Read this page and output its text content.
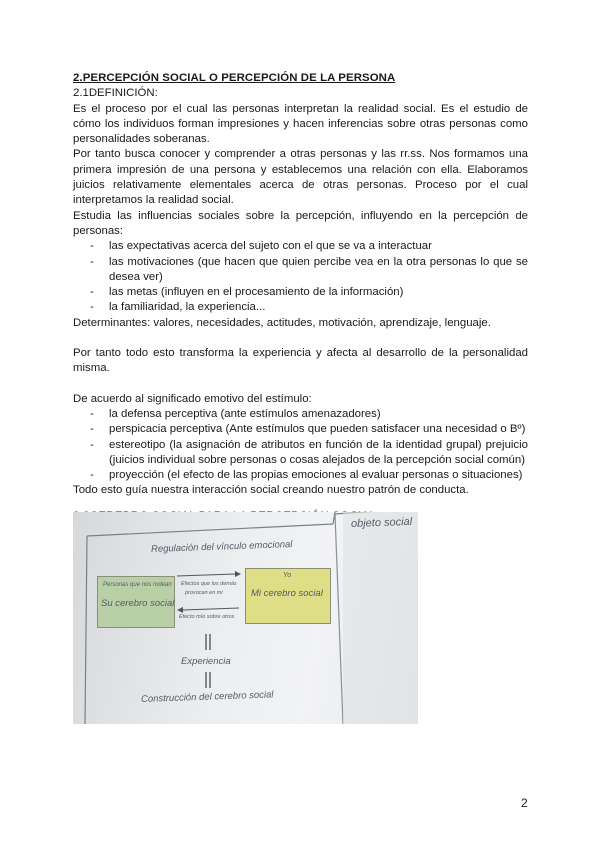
2.PERCEPCIÓN SOCIAL O PERCEPCIÓN DE LA PERSONA
2.1DEFINICIÓN:

Es el proceso por el cual las personas interpretan la realidad social. Es el estudio de cómo los individuos forman impresiones y hacen inferencias sobre otras personas como personalidades soberanas.

Por tanto busca conocer y comprender a otras personas y las rr.ss. Nos formamos una primera impresión de una persona y establecemos una relación con ella. Elaboramos juicios relativamente elementales acerca de otras personas. Proceso por el cual interpretamos la realidad social.

Estudia las influencias sociales sobre la percepción, influyendo en la percepción de personas:

- las expectativas acerca del sujeto con el que se va a interactuar
- las motivaciones (que hacen que quien percibe vea en la otra personas lo que se desea ver)
- las metas (influyen en el procesamiento de la información)
- la familiaridad, la experiencia...

Determinantes: valores, necesidades, actitudes, motivación, aprendizaje, lenguaje.

Por tanto todo esto transforma la experiencia y afecta al desarrollo de la personalidad misma.

De acuerdo al significado emotivo del estímulo:

- la defensa perceptiva (ante estímulos amenazadores)
- perspicacia perceptiva (Ante estímulos que pueden satisfacer una necesidad o Bº)
- estereotipo (la asignación de atributos en función de la identidad grupal) prejuicio (juicios individual sobre personas o cosas alejados de la percepción social común)
- proyección (el efecto de las propias emociones al evaluar personas o situaciones)

Todo esto guía nuestra interacción social creando nuestro patrón de conducta.

objeto social
Regulación del vínculo emocional
Personas que nos rodean
Su cerebro social
Efectos que los demás
provocan en mi
Efecto mío sobre otros
Yo
Mi cerebro social
Experiencia
Construcción del cerebro social
2
